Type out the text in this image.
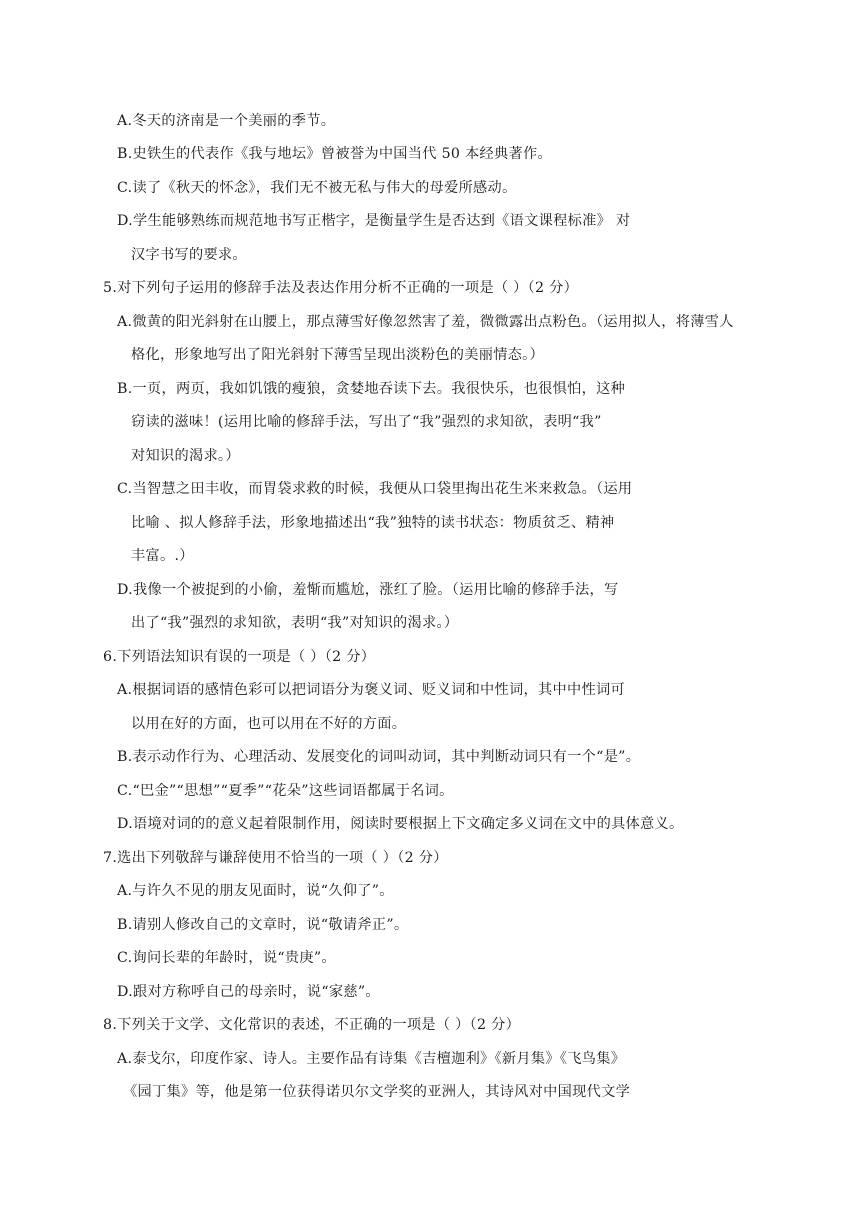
A.冬天的济南是一个美丽的季节。
B.史铁生的代表作《我与地坛》曾被誉为中国当代 50 本经典著作。
C.读了《秋天的怀念》，我们无不被无私与伟大的母爱所感动。
D.学生能够熟练而规范地书写正楷字，是衡量学生是否达到《语文课程标准》 对
汉字书写的要求。
5.对下列句子运用的修辞手法及表达作用分析不正确的一项是（ ）（2 分）
A.微黄的阳光斜射在山腰上，那点薄雪好像忽然害了羞，微微露出点粉色。（运用拟人，将薄雪人
格化，形象地写出了阳光斜射下薄雪呈现出淡粉色的美丽情态。）
B.一页，两页，我如饥饿的瘦狼，贪婪地吞读下去。我很快乐，也很惧怕，这种
窃读的滋味！(运用比喻的修辞手法，写出了“我”强烈的求知欲，表明“我”
对知识的渴求。）
C.当智慧之田丰收，而胃袋求救的时候，我便从口袋里掏出花生米来救急。（运用
比喻 、拟人修辞手法，形象地描述出“我”独特的读书状态：物质贫乏、精神
丰富。.）
D.我像一个被捉到的小偷，羞惭而尴尬，涨红了脸。（运用比喻的修辞手法，写
出了“我”强烈的求知欲，表明“我”对知识的渴求。）
6.下列语法知识有误的一项是（ ）（2 分）
A.根据词语的感情色彩可以把词语分为褒义词、贬义词和中性词，其中中性词可
以用在好的方面，也可以用在不好的方面。
B.表示动作行为、心理活动、发展变化的词叫动词，其中判断动词只有一个“是”。
C.“巴金”“思想”“夏季”“花朵”这些词语都属于名词。
D.语境对词的的意义起着限制作用，阅读时要根据上下文确定多义词在文中的具体意义。
7.选出下列敬辞与谦辞使用不恰当的一项（ ）（2 分）
A.与许久不见的朋友见面时，说“久仰了”。
B.请别人修改自己的文章时，说“敬请斧正”。
C.询问长辈的年龄时，说“贵庚”。
D.跟对方称呼自己的母亲时，说“家慈”。
8.下列关于文学、文化常识的表述，不正确的一项是（ ）（2 分）
A.泰戈尔，印度作家、诗人。主要作品有诗集《吉檀迦利》《新月集》《飞鸟集》
《园丁集》等，他是第一位获得诺贝尔文学奖的亚洲人，其诗风对中国现代文学
